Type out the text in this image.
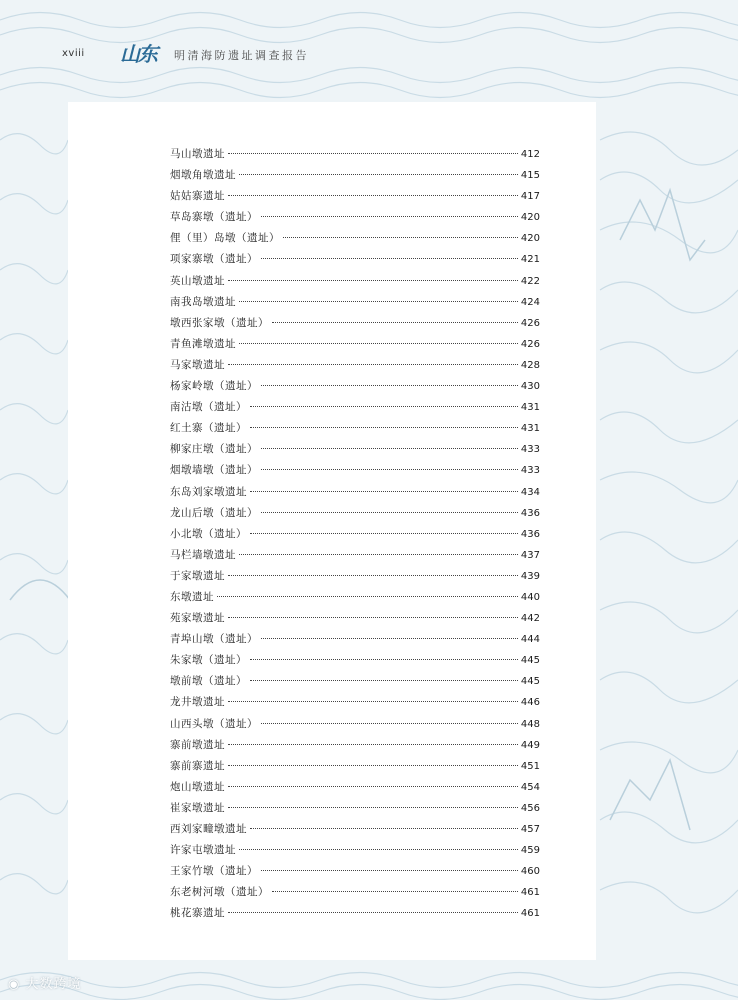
xviii 山东 明清海防遗址调查报告
马山墩遗址	412
烟墩角墩遗址	415
姑姑寨遗址	417
草岛寨墩（遗址）	420
俚（里）岛墩（遗址）	420
项家寨墩（遗址）	421
英山墩遗址	422
南我岛墩遗址	424
墩西张家墩（遗址）	426
青鱼滩墩遗址	426
马家墩遗址	428
杨家岭墩（遗址）	430
南沽墩（遗址）	431
红土寨（遗址）	431
柳家庄墩（遗址）	433
烟墩墙墩（遗址）	433
东岛刘家墩遗址	434
龙山后墩（遗址）	436
小北墩（遗址）	436
马栏墙墩遗址	437
于家墩遗址	439
东墩遗址	440
苑家墩遗址	442
青埠山墩（遗址）	444
朱家墩（遗址）	445
墩前墩（遗址）	445
龙井墩遗址	446
山西头墩（遗址）	448
寨前墩遗址	449
寨前寨遗址	451
炮山墩遗址	454
崔家墩遗址	456
西刘家疃墩遗址	457
许家屯墩遗址	459
王家竹墩（遗址）	460
东老树河墩（遗址）	461
桃花寨遗址	461
◉ 大数跨境
